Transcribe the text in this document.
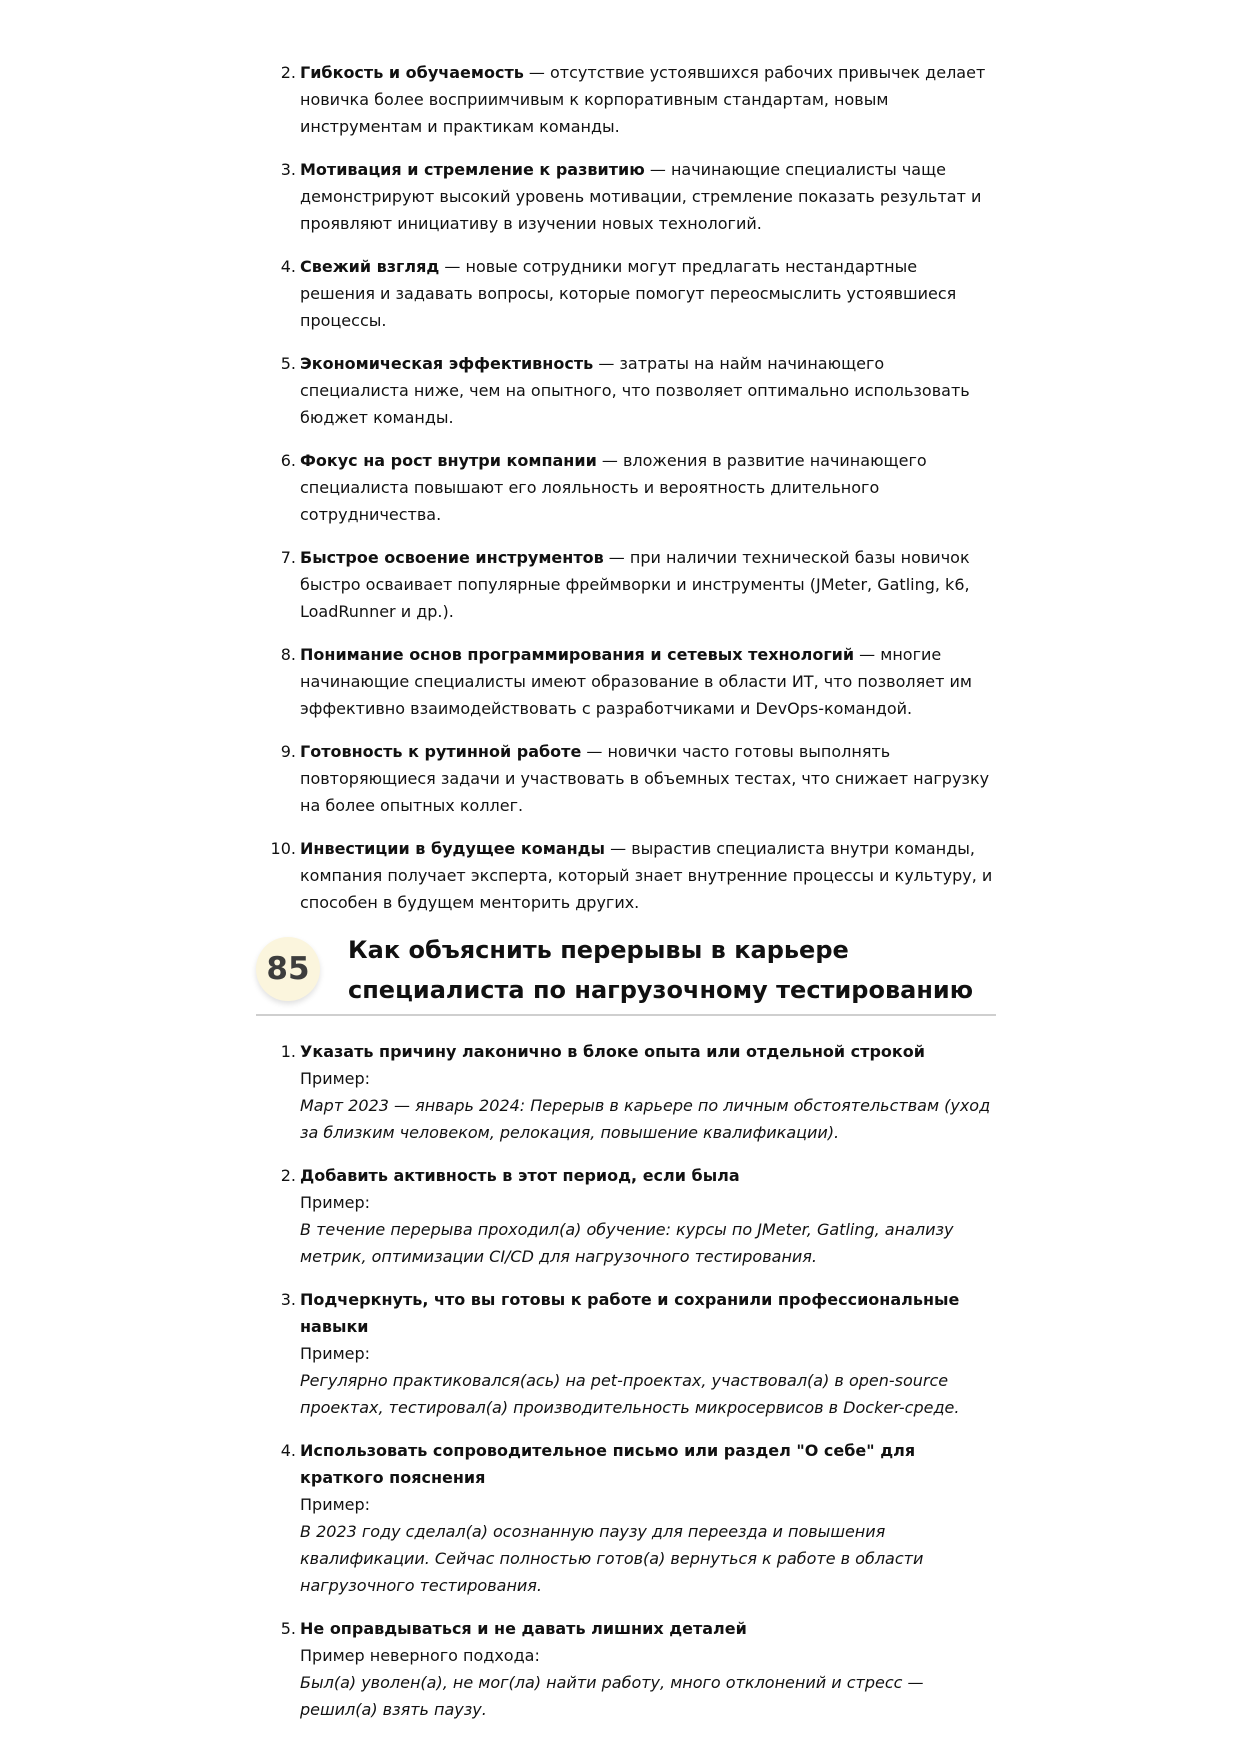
2. Гибкость и обучаемость — отсутствие устоявшихся рабочих привычек делает новичка более восприимчивым к корпоративным стандартам, новым инструментам и практикам команды.
3. Мотивация и стремление к развитию — начинающие специалисты чаще демонстрируют высокий уровень мотивации, стремление показать результат и проявляют инициативу в изучении новых технологий.
4. Свежий взгляд — новые сотрудники могут предлагать нестандартные решения и задавать вопросы, которые помогут переосмыслить устоявшиеся процессы.
5. Экономическая эффективность — затраты на найм начинающего специалиста ниже, чем на опытного, что позволяет оптимально использовать бюджет команды.
6. Фокус на рост внутри компании — вложения в развитие начинающего специалиста повышают его лояльность и вероятность длительного сотрудничества.
7. Быстрое освоение инструментов — при наличии технической базы новичок быстро осваивает популярные фреймворки и инструменты (JMeter, Gatling, k6, LoadRunner и др.).
8. Понимание основ программирования и сетевых технологий — многие начинающие специалисты имеют образование в области ИТ, что позволяет им эффективно взаимодействовать с разработчиками и DevOps-командой.
9. Готовность к рутинной работе — новички часто готовы выполнять повторяющиеся задачи и участвовать в объемных тестах, что снижает нагрузку на более опытных коллег.
10. Инвестиции в будущее команды — вырастив специалиста внутри команды, компания получает эксперта, который знает внутренние процессы и культуру, и способен в будущем менторить других.
85
Как объяснить перерывы в карьере специалиста по нагрузочному тестированию
1. Указать причину лаконично в блоке опыта или отдельной строкой
Пример:
Март 2023 — январь 2024: Перерыв в карьере по личным обстоятельствам (уход за близким человеком, релокация, повышение квалификации).
2. Добавить активность в этот период, если была
Пример:
В течение перерыва проходил(а) обучение: курсы по JMeter, Gatling, анализу метрик, оптимизации CI/CD для нагрузочного тестирования.
3. Подчеркнуть, что вы готовы к работе и сохранили профессиональные навыки
Пример:
Регулярно практиковался(ась) на pet-проектах, участвовал(а) в open-source проектах, тестировал(а) производительность микросервисов в Docker-среде.
4. Использовать сопроводительное письмо или раздел "О себе" для краткого пояснения
Пример:
В 2023 году сделал(а) осознанную паузу для переезда и повышения квалификации. Сейчас полностью готов(а) вернуться к работе в области нагрузочного тестирования.
5. Не оправдываться и не давать лишних деталей
Пример неверного подхода:
Был(а) уволен(а), не мог(ла) найти работу, много отклонений и стресс — решил(а) взять паузу.
